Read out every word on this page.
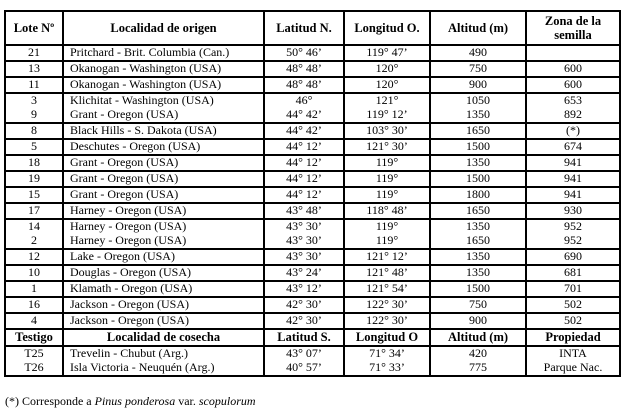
Lote Nº	Localidad de origen	Latitud N.	Longitud O.	Altitud (m)	Zona de la semilla
21	Pritchard - Brit. Columbia (Can.)	50° 46’	119° 47’	490	
13	Okanogan - Washington (USA)	48° 48’	120°	750	600
11	Okanogan - Washington (USA)	48° 48’	120°	900	600
3	Klichitat - Washington (USA)	46°	121°	1050	653
9	Grant - Oregon (USA)	44° 42’	119° 12’	1350	892
8	Black Hills - S. Dakota (USA)	44° 42’	103° 30’	1650	(*)
5	Deschutes - Oregon (USA)	44° 12’	121° 30’	1500	674
18	Grant - Oregon (USA)	44° 12’	119°	1350	941
19	Grant - Oregon (USA)	44° 12’	119°	1500	941
15	Grant - Oregon (USA)	44° 12’	119°	1800	941
17	Harney - Oregon (USA)	43° 48’	118° 48’	1650	930
14	Harney - Oregon (USA)	43° 30’	119°	1350	952
2	Harney - Oregon (USA)	43° 30’	119°	1650	952
12	Lake - Oregon (USA)	43° 30’	121° 12’	1350	690
10	Douglas - Oregon (USA)	43° 24’	121° 48’	1350	681
1	Klamath - Oregon (USA)	43° 12’	121° 54’	1500	701
16	Jackson - Oregon (USA)	42° 30’	122° 30’	750	502
4	Jackson - Oregon (USA)	42° 30’	122° 30’	900	502
Testigo	Localidad de cosecha	Latitud S.	Longitud O	Altitud (m)	Propiedad
T25	Trevelin - Chubut (Arg.)	43° 07’	71° 34’	420	INTA
T26	Isla Victoria - Neuquén (Arg.)	40° 57’	71° 33’	775	Parque Nac.
(*) Corresponde a Pinus ponderosa var. scopulorum
